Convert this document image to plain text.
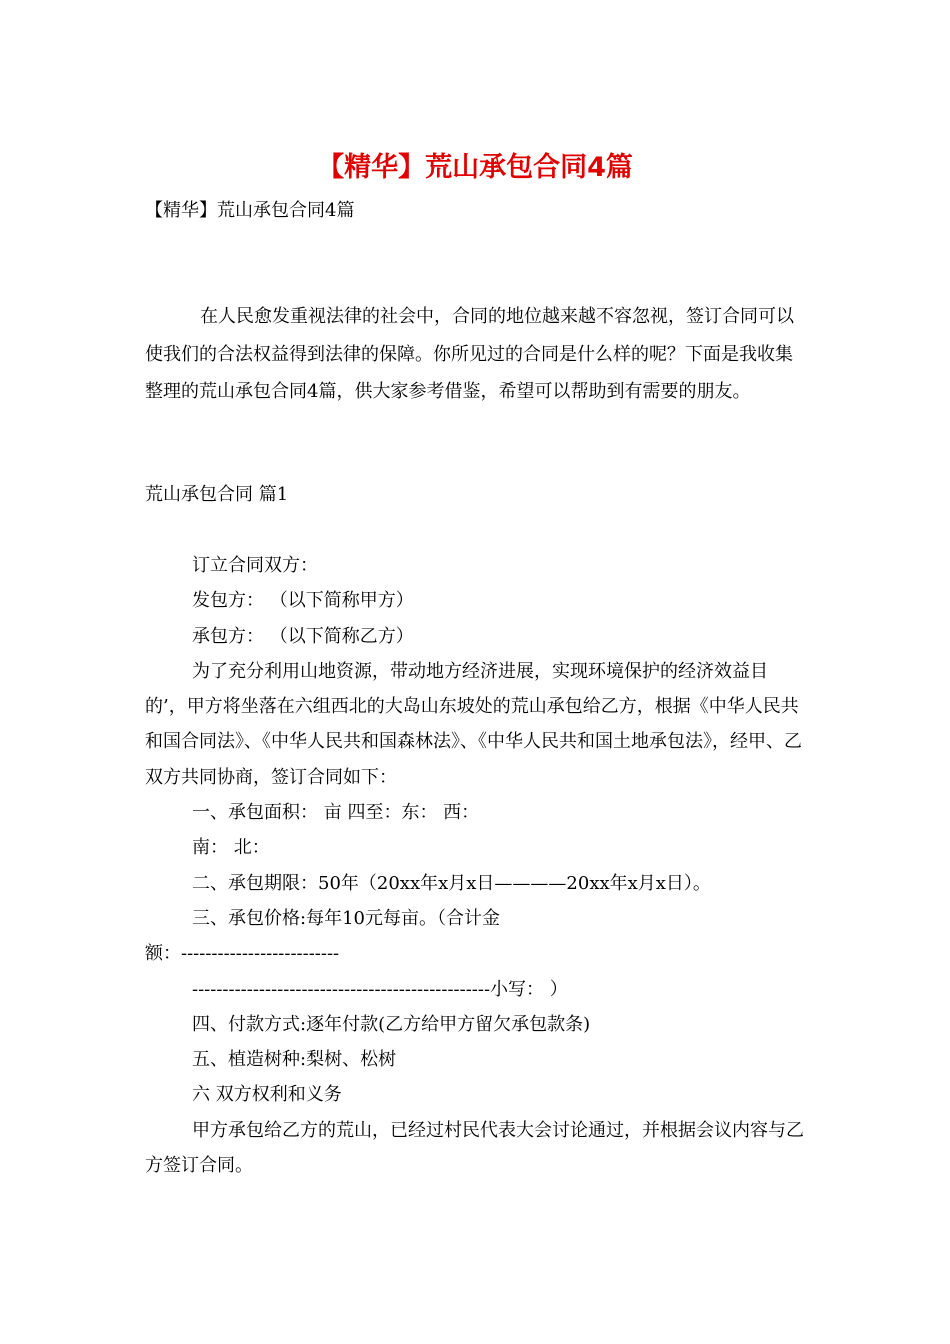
【精华】荒山承包合同4篇
【精华】荒山承包合同4篇

在人民愈发重视法律的社会中，合同的地位越来越不容忽视，签订合同可以使我们的合法权益得到法律的保障。你所见过的合同是什么样的呢？下面是我收集整理的荒山承包合同4篇，供大家参考借鉴，希望可以帮助到有需要的朋友。

荒山承包合同 篇1

订立合同双方：

发包方： （以下简称甲方）

承包方： （以下简称乙方）

为了充分利用山地资源，带动地方经济进展，实现环境保护的经济效益目的’，甲方将坐落在六组西北的大岛山东坡处的荒山承包给乙方，根据《中华人民共和国合同法》、《中华人民共和国森林法》、《中华人民共和国土地承包法》，经甲、乙双方共同协商，签订合同如下：

一、承包面积： 亩 四至：东： 西：

南： 北：

二、承包期限：50年（20xx年x月x日————20xx年x月x日）。

三、承包价格:每年10元每亩。（合计金

额：--------------------------

-------------------------------------------------小写： ）

四、付款方式:逐年付款(乙方给甲方留欠承包款条)

五、植造树种:梨树、松树

六 双方权利和义务

甲方承包给乙方的荒山，已经过村民代表大会讨论通过，并根据会议内容与乙方签订合同。
